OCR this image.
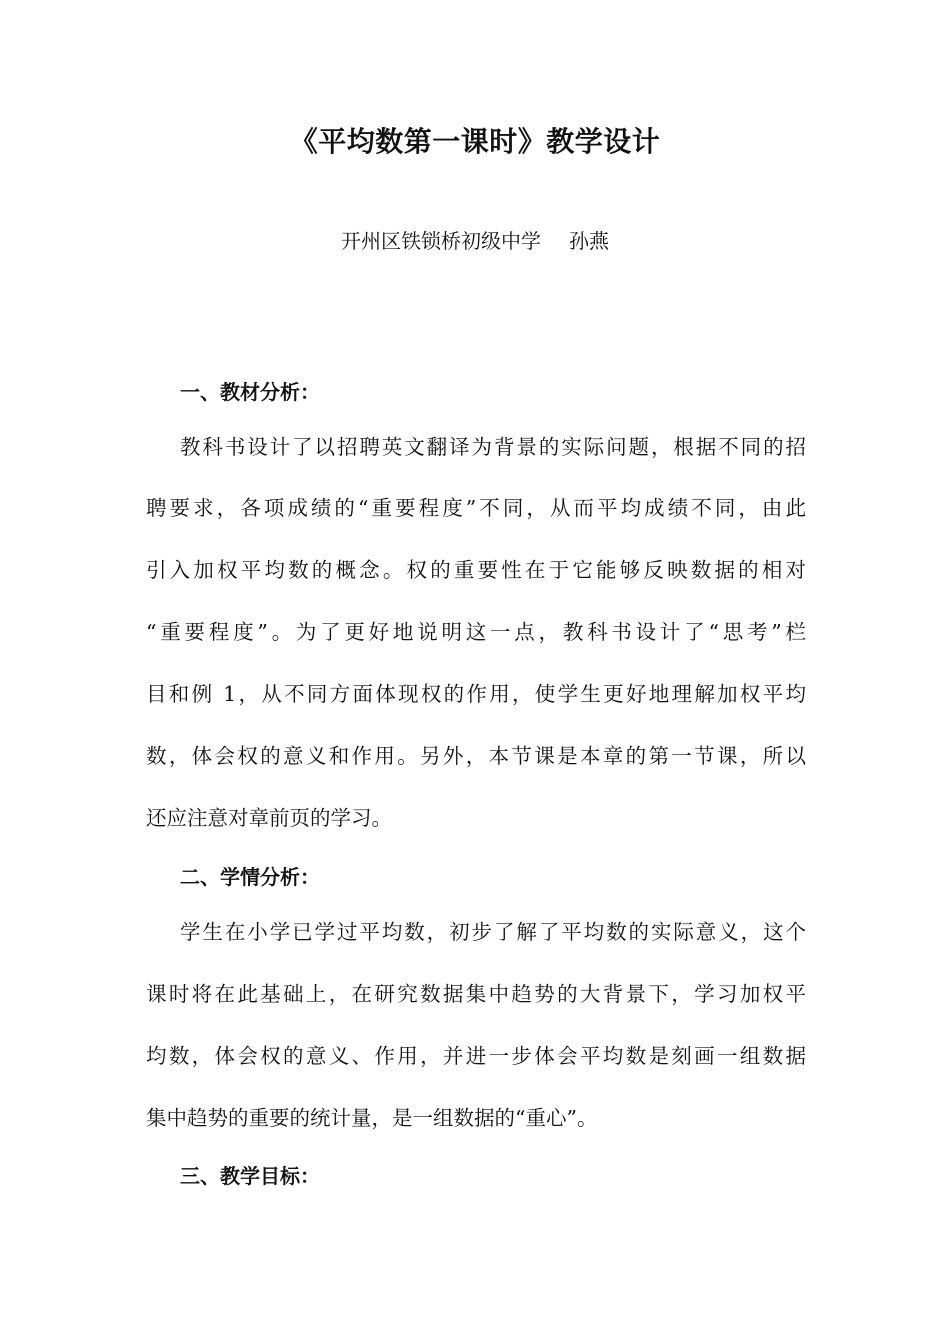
《平均数第一课时》教学设计
开州区铁锁桥初级中学 孙燕
一、教材分析：
教科书设计了以招聘英文翻译为背景的实际问题，根据不同的招
聘要求，各项成绩的“重要程度”不同，从而平均成绩不同，由此
引入加权平均数的概念。权的重要性在于它能够反映数据的相对
“重要程度”。为了更好地说明这一点，教科书设计了“思考”栏
目和例 1，从不同方面体现权的作用，使学生更好地理解加权平均
数，体会权的意义和作用。另外，本节课是本章的第一节课，所以
还应注意对章前页的学习。
二、学情分析：
学生在小学已学过平均数，初步了解了平均数的实际意义，这个
课时将在此基础上，在研究数据集中趋势的大背景下，学习加权平
均数，体会权的意义、作用，并进一步体会平均数是刻画一组数据
集中趋势的重要的统计量，是一组数据的“重心”。
三、教学目标：
